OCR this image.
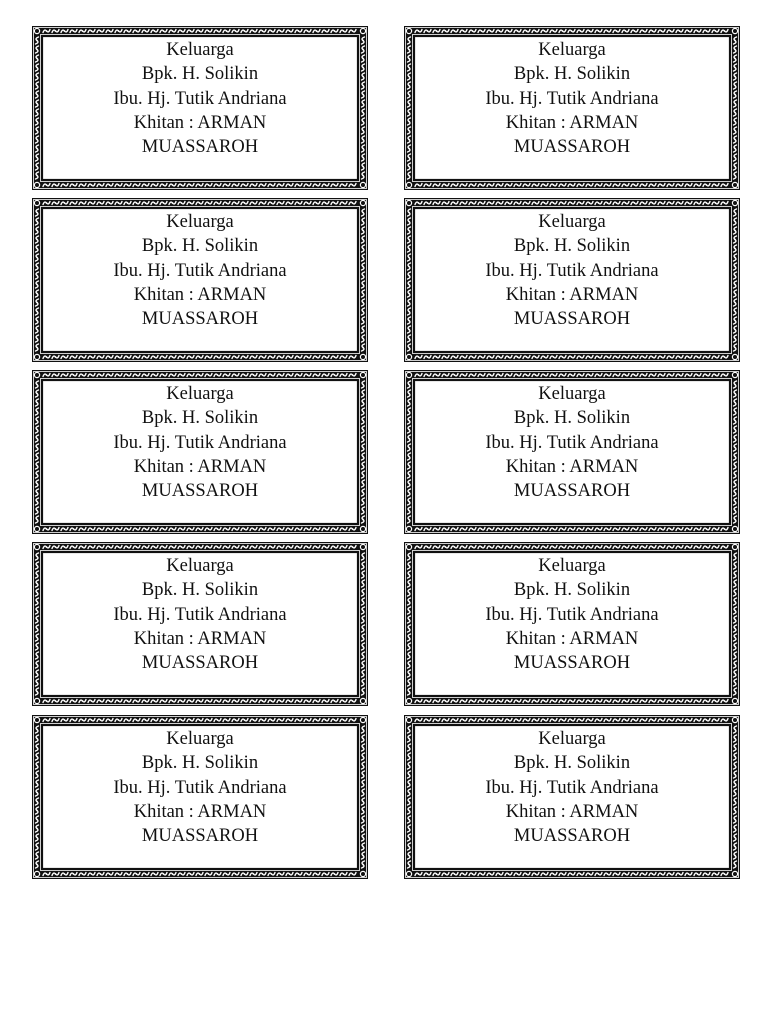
Keluarga
Bpk. H. Solikin
Ibu. Hj. Tutik Andriana
Khitan : ARMAN
MUASSAROH
Keluarga
Bpk. H. Solikin
Ibu. Hj. Tutik Andriana
Khitan : ARMAN
MUASSAROH
Keluarga
Bpk. H. Solikin
Ibu. Hj. Tutik Andriana
Khitan : ARMAN
MUASSAROH
Keluarga
Bpk. H. Solikin
Ibu. Hj. Tutik Andriana
Khitan : ARMAN
MUASSAROH
Keluarga
Bpk. H. Solikin
Ibu. Hj. Tutik Andriana
Khitan : ARMAN
MUASSAROH
Keluarga
Bpk. H. Solikin
Ibu. Hj. Tutik Andriana
Khitan : ARMAN
MUASSAROH
Keluarga
Bpk. H. Solikin
Ibu. Hj. Tutik Andriana
Khitan : ARMAN
MUASSAROH
Keluarga
Bpk. H. Solikin
Ibu. Hj. Tutik Andriana
Khitan : ARMAN
MUASSAROH
Keluarga
Bpk. H. Solikin
Ibu. Hj. Tutik Andriana
Khitan : ARMAN
MUASSAROH
Keluarga
Bpk. H. Solikin
Ibu. Hj. Tutik Andriana
Khitan : ARMAN
MUASSAROH
